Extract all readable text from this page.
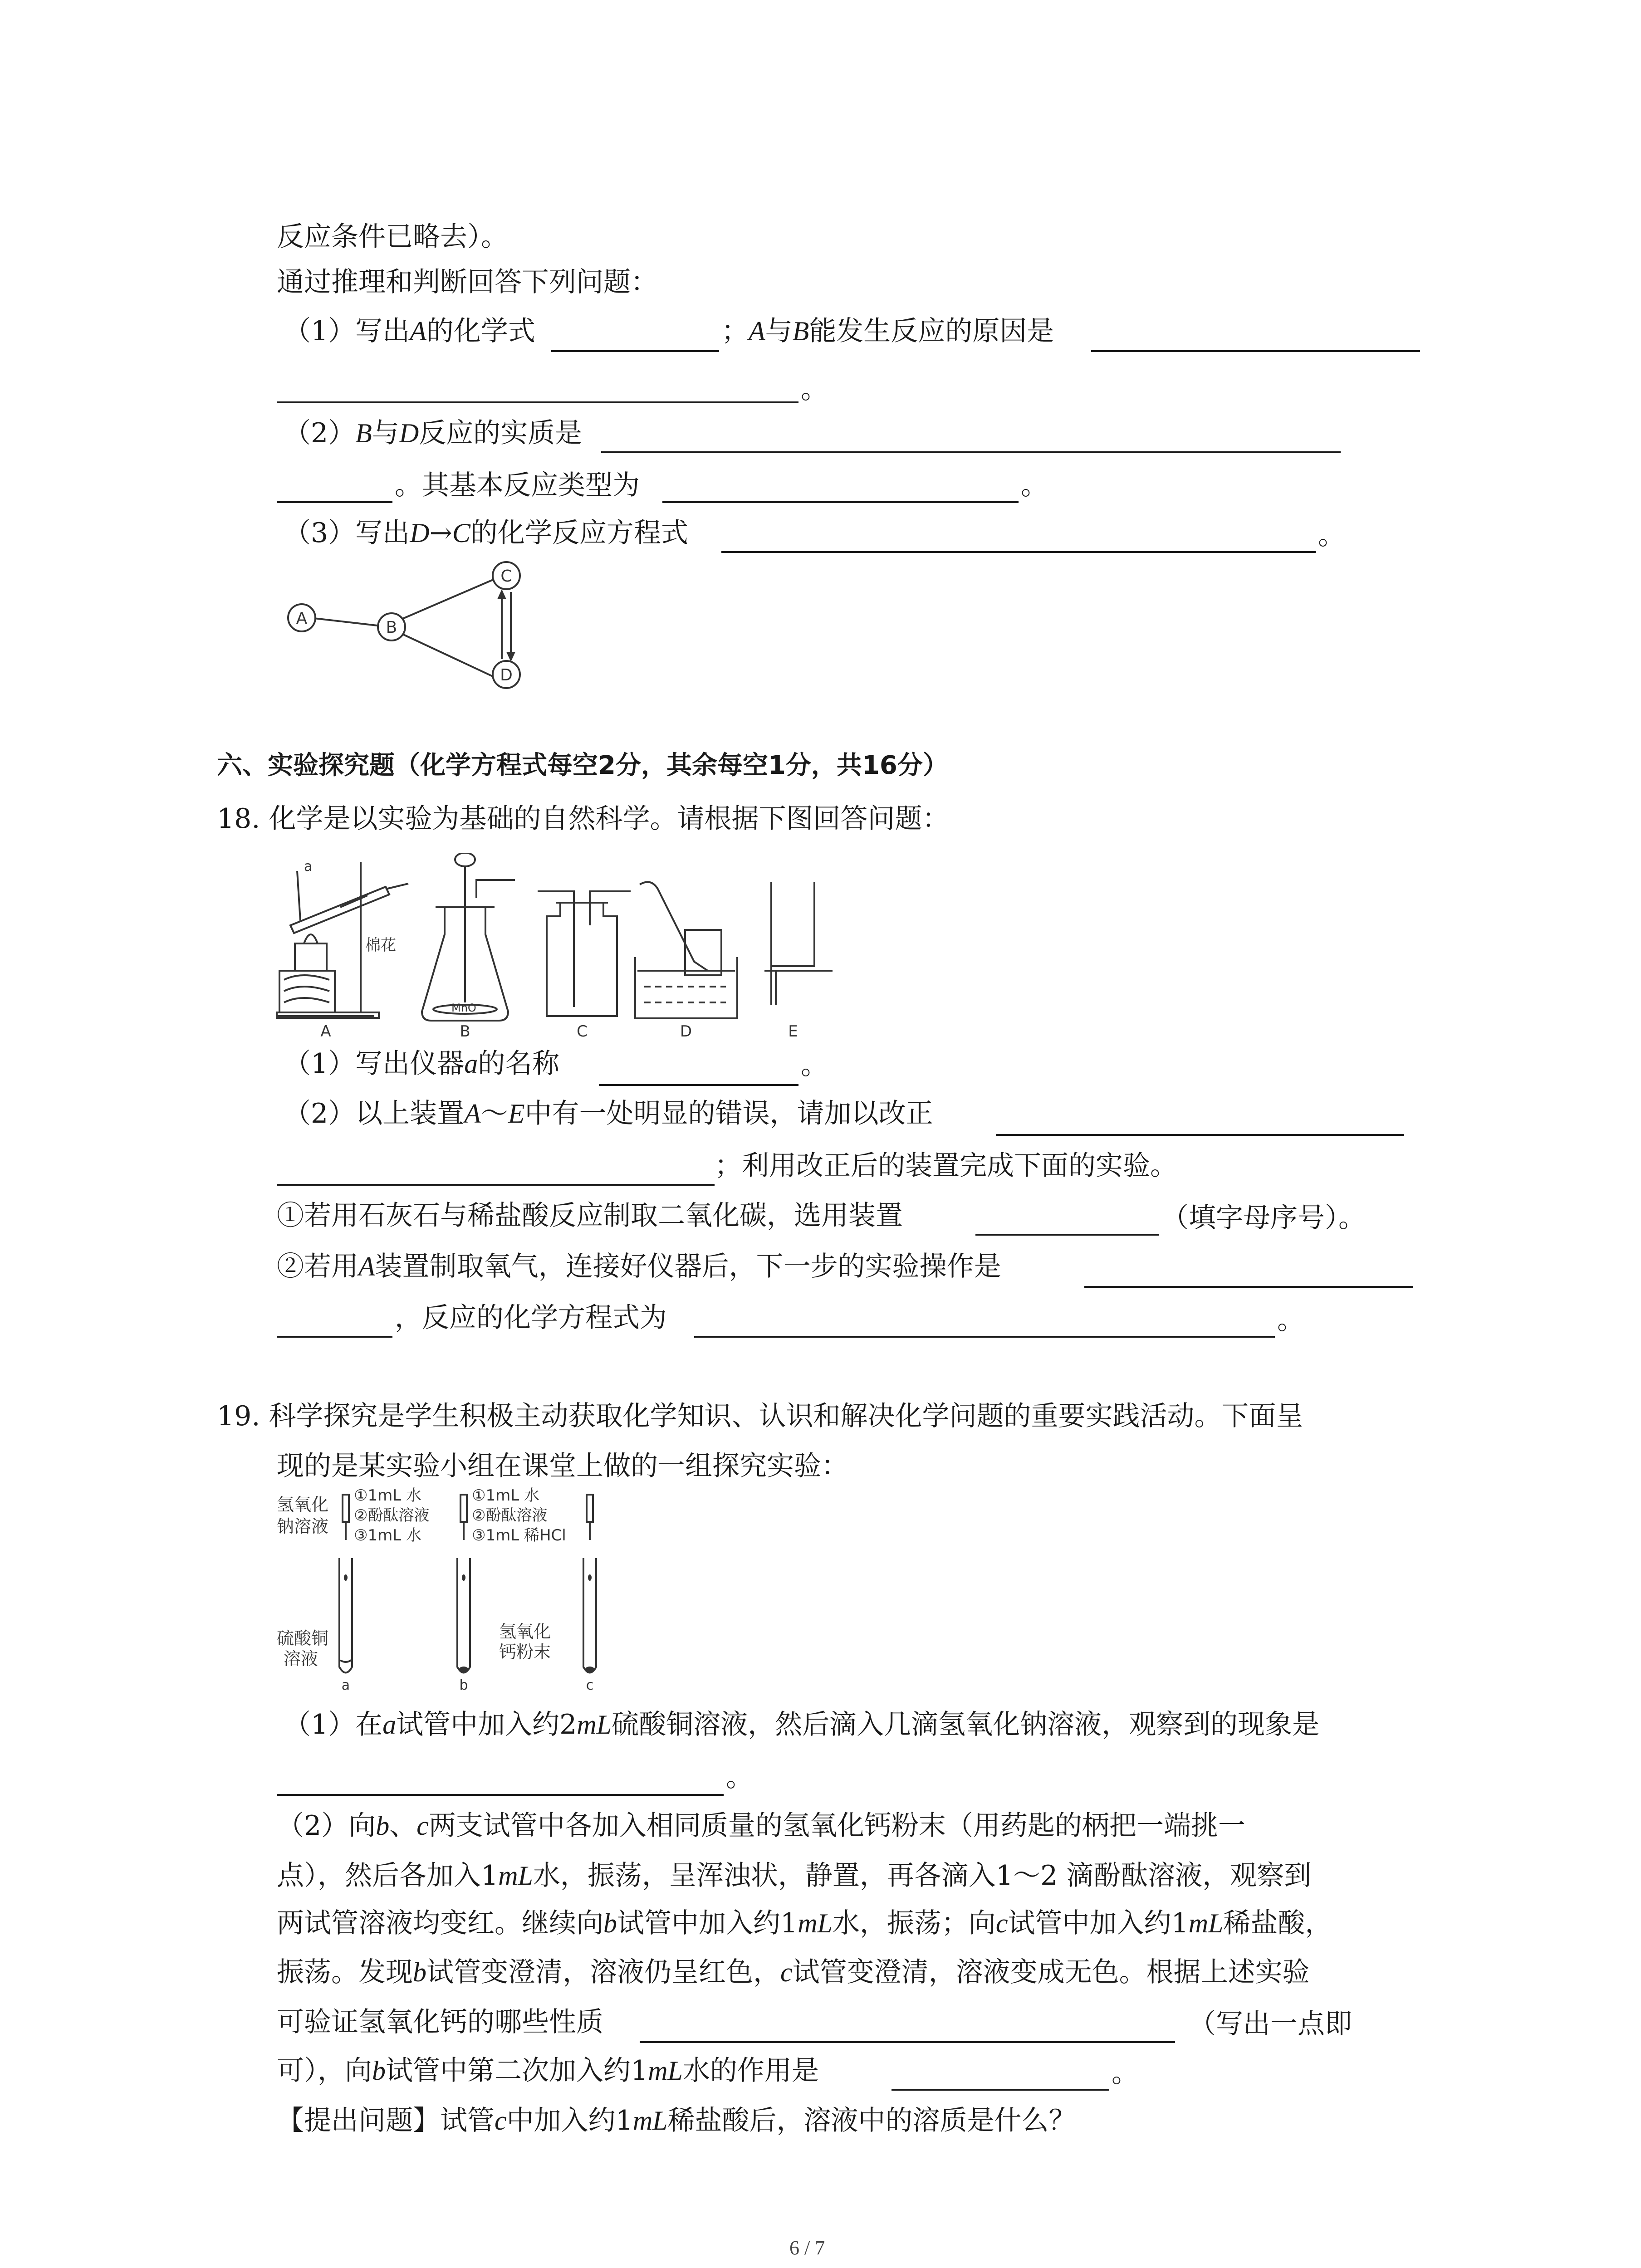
反应条件已略去）。
通过推理和判断回答下列问题：
（1）写出A的化学式	；A与B能发生反应的原因是
。
（2）B与D反应的实质是
。其基本反应类型为	。
（3）写出D→C的化学反应方程式	。
A	B
C
D
六、实验探究题（化学方程式每空2分，其余每空1分，共16分）
18. 化学是以实验为基础的自然科学。请根据下图回答问题：
a
棉花
MnO
A	B	C	D	E
（1）写出仪器a的名称	。
（2）以上装置A～E中有一处明显的错误，请加以改正
；利用改正后的装置完成下面的实验。
①若用石灰石与稀盐酸反应制取二氧化碳，选用装置	（填字母序号）。
②若用A装置制取氧气，连接好仪器后，下一步的实验操作是
，反应的化学方程式为	。
19. 科学探究是学生积极主动获取化学知识、认识和解决化学问题的重要实践活动。下面呈
现的是某实验小组在课堂上做的一组探究实验：
氢氧化
钠溶液
①1mL 水
②酚酞溶液
③1mL 水
①1mL 水
②酚酞溶液
③1mL 稀HCl
硫酸铜
溶液
氢氧化
钙粉末
a	b	c
（1）在a试管中加入约2mL硫酸铜溶液，然后滴入几滴氢氧化钠溶液，观察到的现象是
。
（2）向b、c两支试管中各加入相同质量的氢氧化钙粉末（用药匙的柄把一端挑一
点），然后各加入1mL水，振荡，呈浑浊状，静置，再各滴入1～2 滴酚酞溶液，观察到
两试管溶液均变红。继续向b试管中加入约1mL水，振荡；向c试管中加入约1mL稀盐酸，
振荡。发现b试管变澄清，溶液仍呈红色，c试管变澄清，溶液变成无色。根据上述实验
可验证氢氧化钙的哪些性质	（写出一点即
可），向b试管中第二次加入约1mL水的作用是	。
【提出问题】试管c中加入约1mL稀盐酸后，溶液中的溶质是什么？
6 / 7
